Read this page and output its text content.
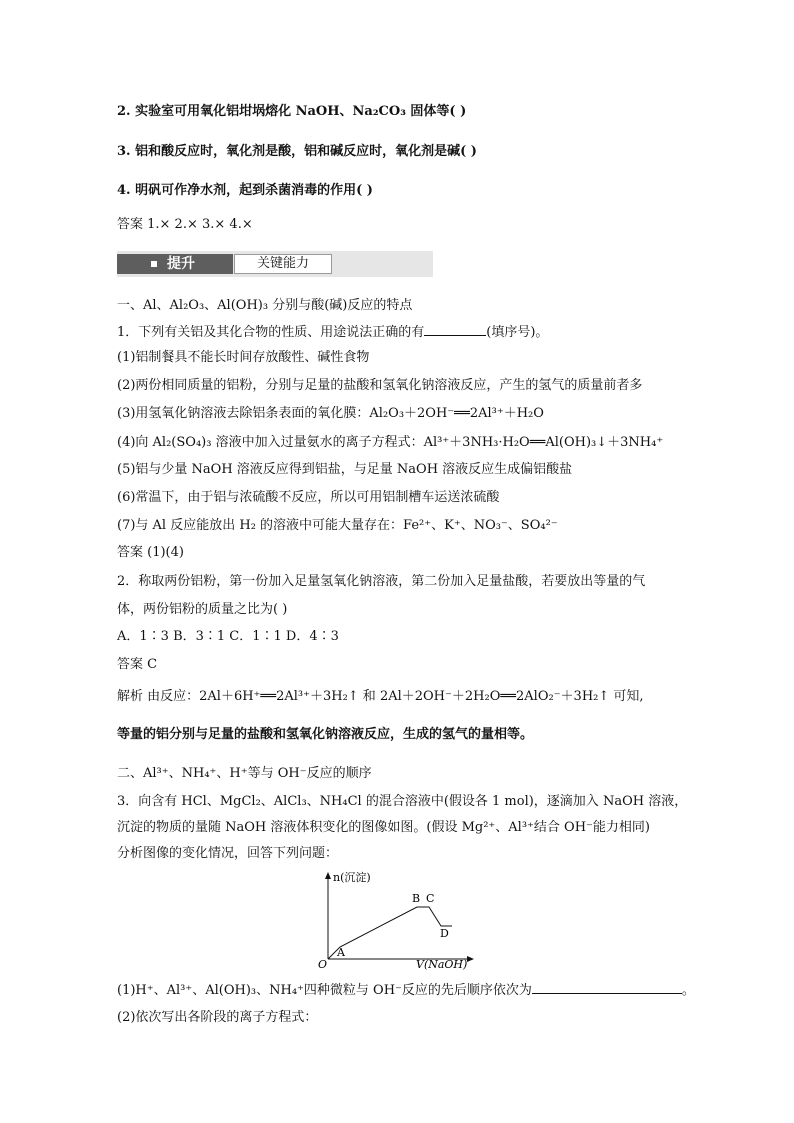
2. 实验室可用氧化铝坩埚熔化 NaOH、Na₂CO₃ 固体等( )
3. 铝和酸反应时，氧化剂是酸，铝和碱反应时，氧化剂是碱( )
4. 明矾可作净水剂，起到杀菌消毒的作用( )
答案 1.× 2.× 3.× 4.×
提升	关键能力
一、Al、Al₂O₃、Al(OH)₃ 分别与酸(碱)反应的特点
1．下列有关铝及其化合物的性质、用途说法正确的有	(填序号)。
(1)铝制餐具不能长时间存放酸性、碱性食物
(2)两份相同质量的铝粉，分别与足量的盐酸和氢氧化钠溶液反应，产生的氢气的质量前者多
(3)用氢氧化钠溶液去除铝条表面的氧化膜：Al₂O₃＋2OH⁻══2Al³⁺＋H₂O
(4)向 Al₂(SO₄)₃ 溶液中加入过量氨水的离子方程式：Al³⁺＋3NH₃·H₂O══Al(OH)₃↓＋3NH₄⁺
(5)铝与少量 NaOH 溶液反应得到铝盐，与足量 NaOH 溶液反应生成偏铝酸盐
(6)常温下，由于铝与浓硫酸不反应，所以可用铝制槽车运送浓硫酸
(7)与 Al 反应能放出 H₂ 的溶液中可能大量存在：Fe²⁺、K⁺、NO₃⁻、SO₄²⁻
答案 (1)(4)
2．称取两份铝粉，第一份加入足量氢氧化钠溶液，第二份加入足量盐酸，若要放出等量的气
体，两份铝粉的质量之比为( )
A．1∶3 B．3∶1 C．1∶1 D．4∶3
答案 C
解析 由反应：2Al＋6H⁺══2Al³⁺＋3H₂↑ 和 2Al＋2OH⁻＋2H₂O══2AlO₂⁻＋3H₂↑ 可知,
等量的铝分别与足量的盐酸和氢氧化钠溶液反应，生成的氢气的量相等。
二、Al³⁺、NH₄⁺、H⁺等与 OH⁻反应的顺序
3．向含有 HCl、MgCl₂、AlCl₃、NH₄Cl 的混合溶液中(假设各 1 mol)，逐滴加入 NaOH 溶液，
沉淀的物质的量随 NaOH 溶液体积变化的图像如图。(假设 Mg²⁺、Al³⁺结合 OH⁻能力相同)
分析图像的变化情况，回答下列问题：
n(沉淀)
V(NaOH)
O
A
B C
D
(1)H⁺、Al³⁺、Al(OH)₃、NH₄⁺四种微粒与 OH⁻反应的先后顺序依次为	。
(2)依次写出各阶段的离子方程式：
